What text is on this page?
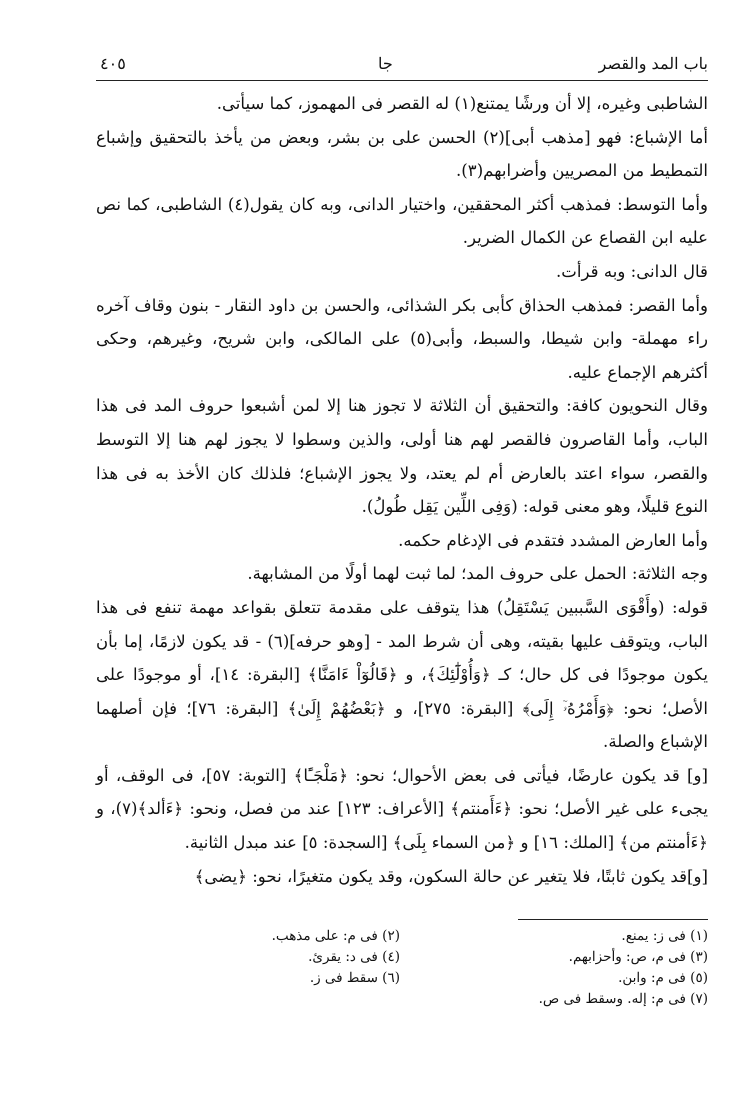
باب المد والقصر
جا
٤٠٥

الشاطبى وغيره، إلا أن ورشًا يمتنع(١) له القصر فى المهموز، كما سيأتى.

أما الإشباع: فهو [مذهب أبى](٢) الحسن على بن بشر، وبعض من يأخذ بالتحقيق وإشباع التمطيط من المصريين وأضرابهم(٣).

وأما التوسط: فمذهب أكثر المحققين، واختيار الدانى، وبه كان يقول(٤) الشاطبى، كما نص عليه ابن القصاع عن الكمال الضرير.

قال الدانى: وبه قرأت.

وأما القصر: فمذهب الحذاق كأبى بكر الشذائى، والحسن بن داود النقار - بنون وقاف آخره راء مهملة- وابن شيطا، والسبط، وأبى(٥) على المالكى، وابن شريح، وغيرهم، وحكى أكثرهم الإجماع عليه.

وقال النحويون كافة: والتحقيق أن الثلاثة لا تجوز هنا إلا لمن أشبعوا حروف المد فى هذا الباب، وأما القاصرون فالقصر لهم هنا أولى، والذين وسطوا لا يجوز لهم هنا إلا التوسط والقصر، سواء اعتد بالعارض أم لم يعتد، ولا يجوز الإشباع؛ فلذلك كان الأخذ به فى هذا النوع قليلًا، وهو معنى قوله: (وَفِى اللِّين يَقِل طُولُ).

وأما العارض المشدد فتقدم فى الإدغام حكمه.

وجه الثلاثة: الحمل على حروف المد؛ لما ثبت لهما أولًا من المشابهة.

قوله: (وأَقْوَى السَّببين يَسْتَقِلُ) هذا يتوقف على مقدمة تتعلق بقواعد مهمة تنفع فى هذا الباب، ويتوقف عليها بقيته، وهى أن شرط المد - [وهو حرفه](٦) - قد يكون لازمًا، إما بأن يكون موجودًا فى كل حال؛ كـ ﴿وَأُوْلَٰٓئِكَ﴾، و ﴿قَالُوٓاْ ءَامَنَّا﴾ [البقرة: ١٤]، أو موجودًا على الأصل؛ نحو: ﴿وَأَمْرُهُۥٓ إِلَى﴾ [البقرة: ٢٧٥]، و ﴿بَعْضُهُمْ إِلَىٰ﴾ [البقرة: ٧٦]؛ فإن أصلهما الإشباع والصلة.

[و] قد يكون عارضًا، فيأتى فى بعض الأحوال؛ نحو: ﴿مَلْجَـًٔا﴾ [التوبة: ٥٧]، فى الوقف، أو يجىء على غير الأصل؛ نحو: ﴿ءَأَمنتم﴾ [الأعراف: ١٢٣] عند من فصل، ونحو: ﴿ءَألد﴾(٧)، و ﴿ءَأمنتم من﴾ [الملك: ١٦] و ﴿من السماء بِلَى﴾ [السجدة: ٥] عند مبدل الثانية.

[و]قد يكون ثابتًا، فلا يتغير عن حالة السكون، وقد يكون متغيرًا، نحو: ﴿يضى﴾

(١) فى ز: يمنع.
(٢) فى م: على مذهب.
(٣) فى م، ص: وأحزابهم.
(٤) فى د: يقرئ.
(٥) فى م: وابن.
(٦) سقط فى ز.
(٧) فى م: إله. وسقط فى ص.
